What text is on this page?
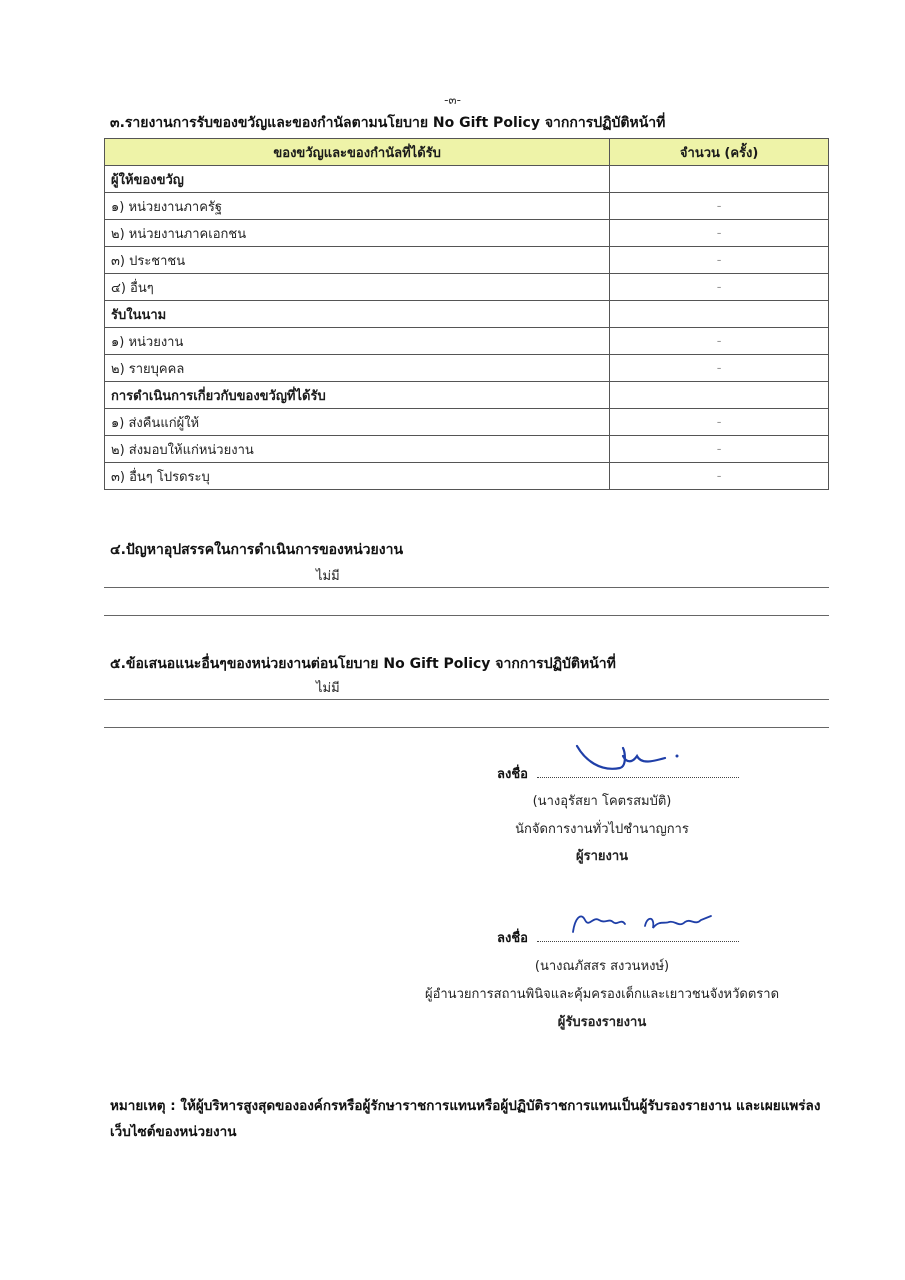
-๓-
๓.รายงานการรับของขวัญและของกำนัลตามนโยบาย No Gift Policy จากการปฏิบัติหน้าที่
ของขวัญและของกำนัลที่ได้รับ	จำนวน (ครั้ง)
ผู้ให้ของขวัญ	
๑) หน่วยงานภาครัฐ	-
๒) หน่วยงานภาคเอกชน	-
๓) ประชาชน	-
๔) อื่นๆ	-
รับในนาม	
๑) หน่วยงาน	-
๒) รายบุคคล	-
การดำเนินการเกี่ยวกับของขวัญที่ได้รับ	
๑) ส่งคืนแก่ผู้ให้	-
๒) ส่งมอบให้แก่หน่วยงาน	-
๓) อื่นๆ โปรดระบุ	-
๔.ปัญหาอุปสรรคในการดำเนินการของหน่วยงาน
ไม่มี
๕.ข้อเสนอแนะอื่นๆของหน่วยงานต่อนโยบาย No Gift Policy จากการปฏิบัติหน้าที่
ไม่มี
ลงชื่อ
(นางอุรัสยา โคตรสมบัติ)
นักจัดการงานทั่วไปชำนาญการ
ผู้รายงาน
ลงชื่อ
(นางณภัสสร สงวนหงษ์)
ผู้อำนวยการสถานพินิจและคุ้มครองเด็กและเยาวชนจังหวัดตราด
ผู้รับรองรายงาน
หมายเหตุ : ให้ผู้บริหารสูงสุดขององค์กรหรือผู้รักษาราชการแทนหรือผู้ปฏิบัติราชการแทนเป็นผู้รับรองรายงาน และเผยแพร่ลงเว็บไซต์ของหน่วยงาน
